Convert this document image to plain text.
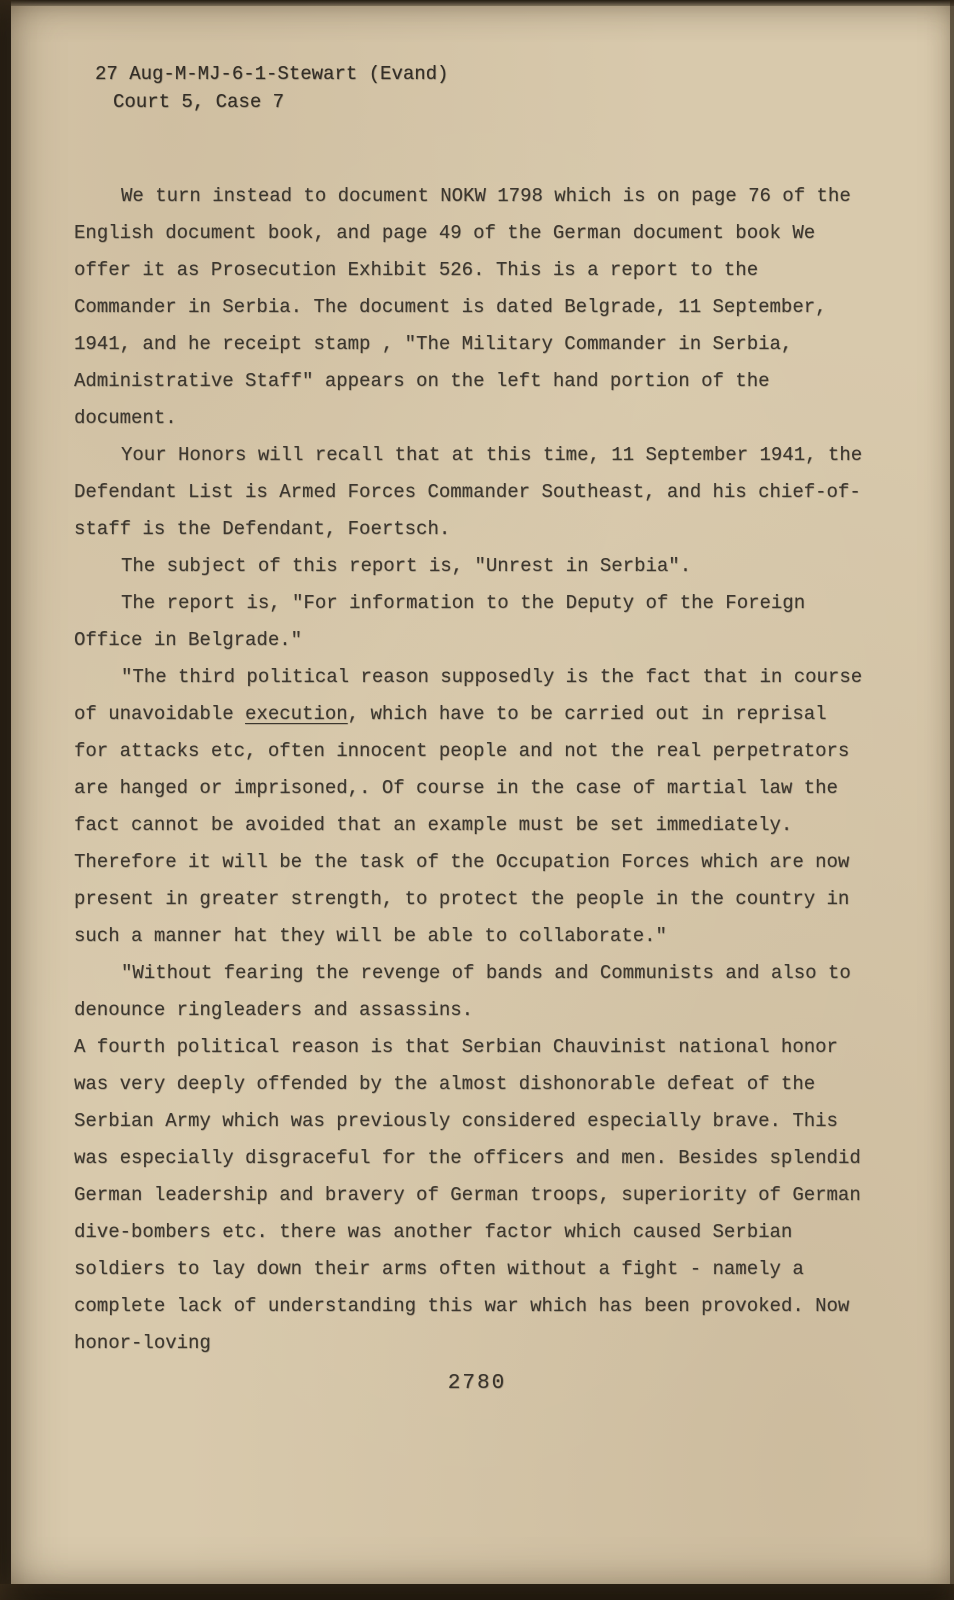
27 Aug-M-MJ-6-1-Stewart (Evand)
Court 5, Case 7

We turn instead to document NOKW 1798 which is on page 76 of the English document book, and page 49 of the German document book We offer it as Prosecution Exhibit 526. This is a report to the Commander in Serbia. The document is dated Belgrade, 11 September, 1941, and he receipt stamp , "The Military Commander in Serbia, Administrative Staff" appears on the left hand portion of the document.

Your Honors will recall that at this time, 11 September 1941, the Defendant List is Armed Forces Commander Southeast, and his chief-of-staff is the Defendant, Foertsch.

The subject of this report is, "Unrest in Serbia".

The report is, "For information to the Deputy of the Foreign Office in Belgrade."

"The third political reason supposedly is the fact that in course of unavoidable execution, which have to be carried out in reprisal for attacks etc, often innocent people and not the real perpetrators are hanged or imprisoned,. Of course in the case of martial law the fact cannot be avoided that an example must be set immediately. Therefore it will be the task of the Occupation Forces which are now present in greater strength, to protect the people in the country in such a manner hat they will be able to collaborate."

"Without fearing the revenge of bands and Communists and also to denounce ringleaders and assassins.

A fourth political reason is that Serbian Chauvinist national honor was very deeply offended by the almost dishonorable defeat of the Serbian Army which was previously considered especially brave. This was especially disgraceful for the officers and men. Besides splendid German leadership and bravery of German troops, superiority of German dive-bombers etc. there was another factor which caused Serbian soldiers to lay down their arms often without a fight - namely a complete lack of understanding this war which has been provoked. Now honor-loving

2780
